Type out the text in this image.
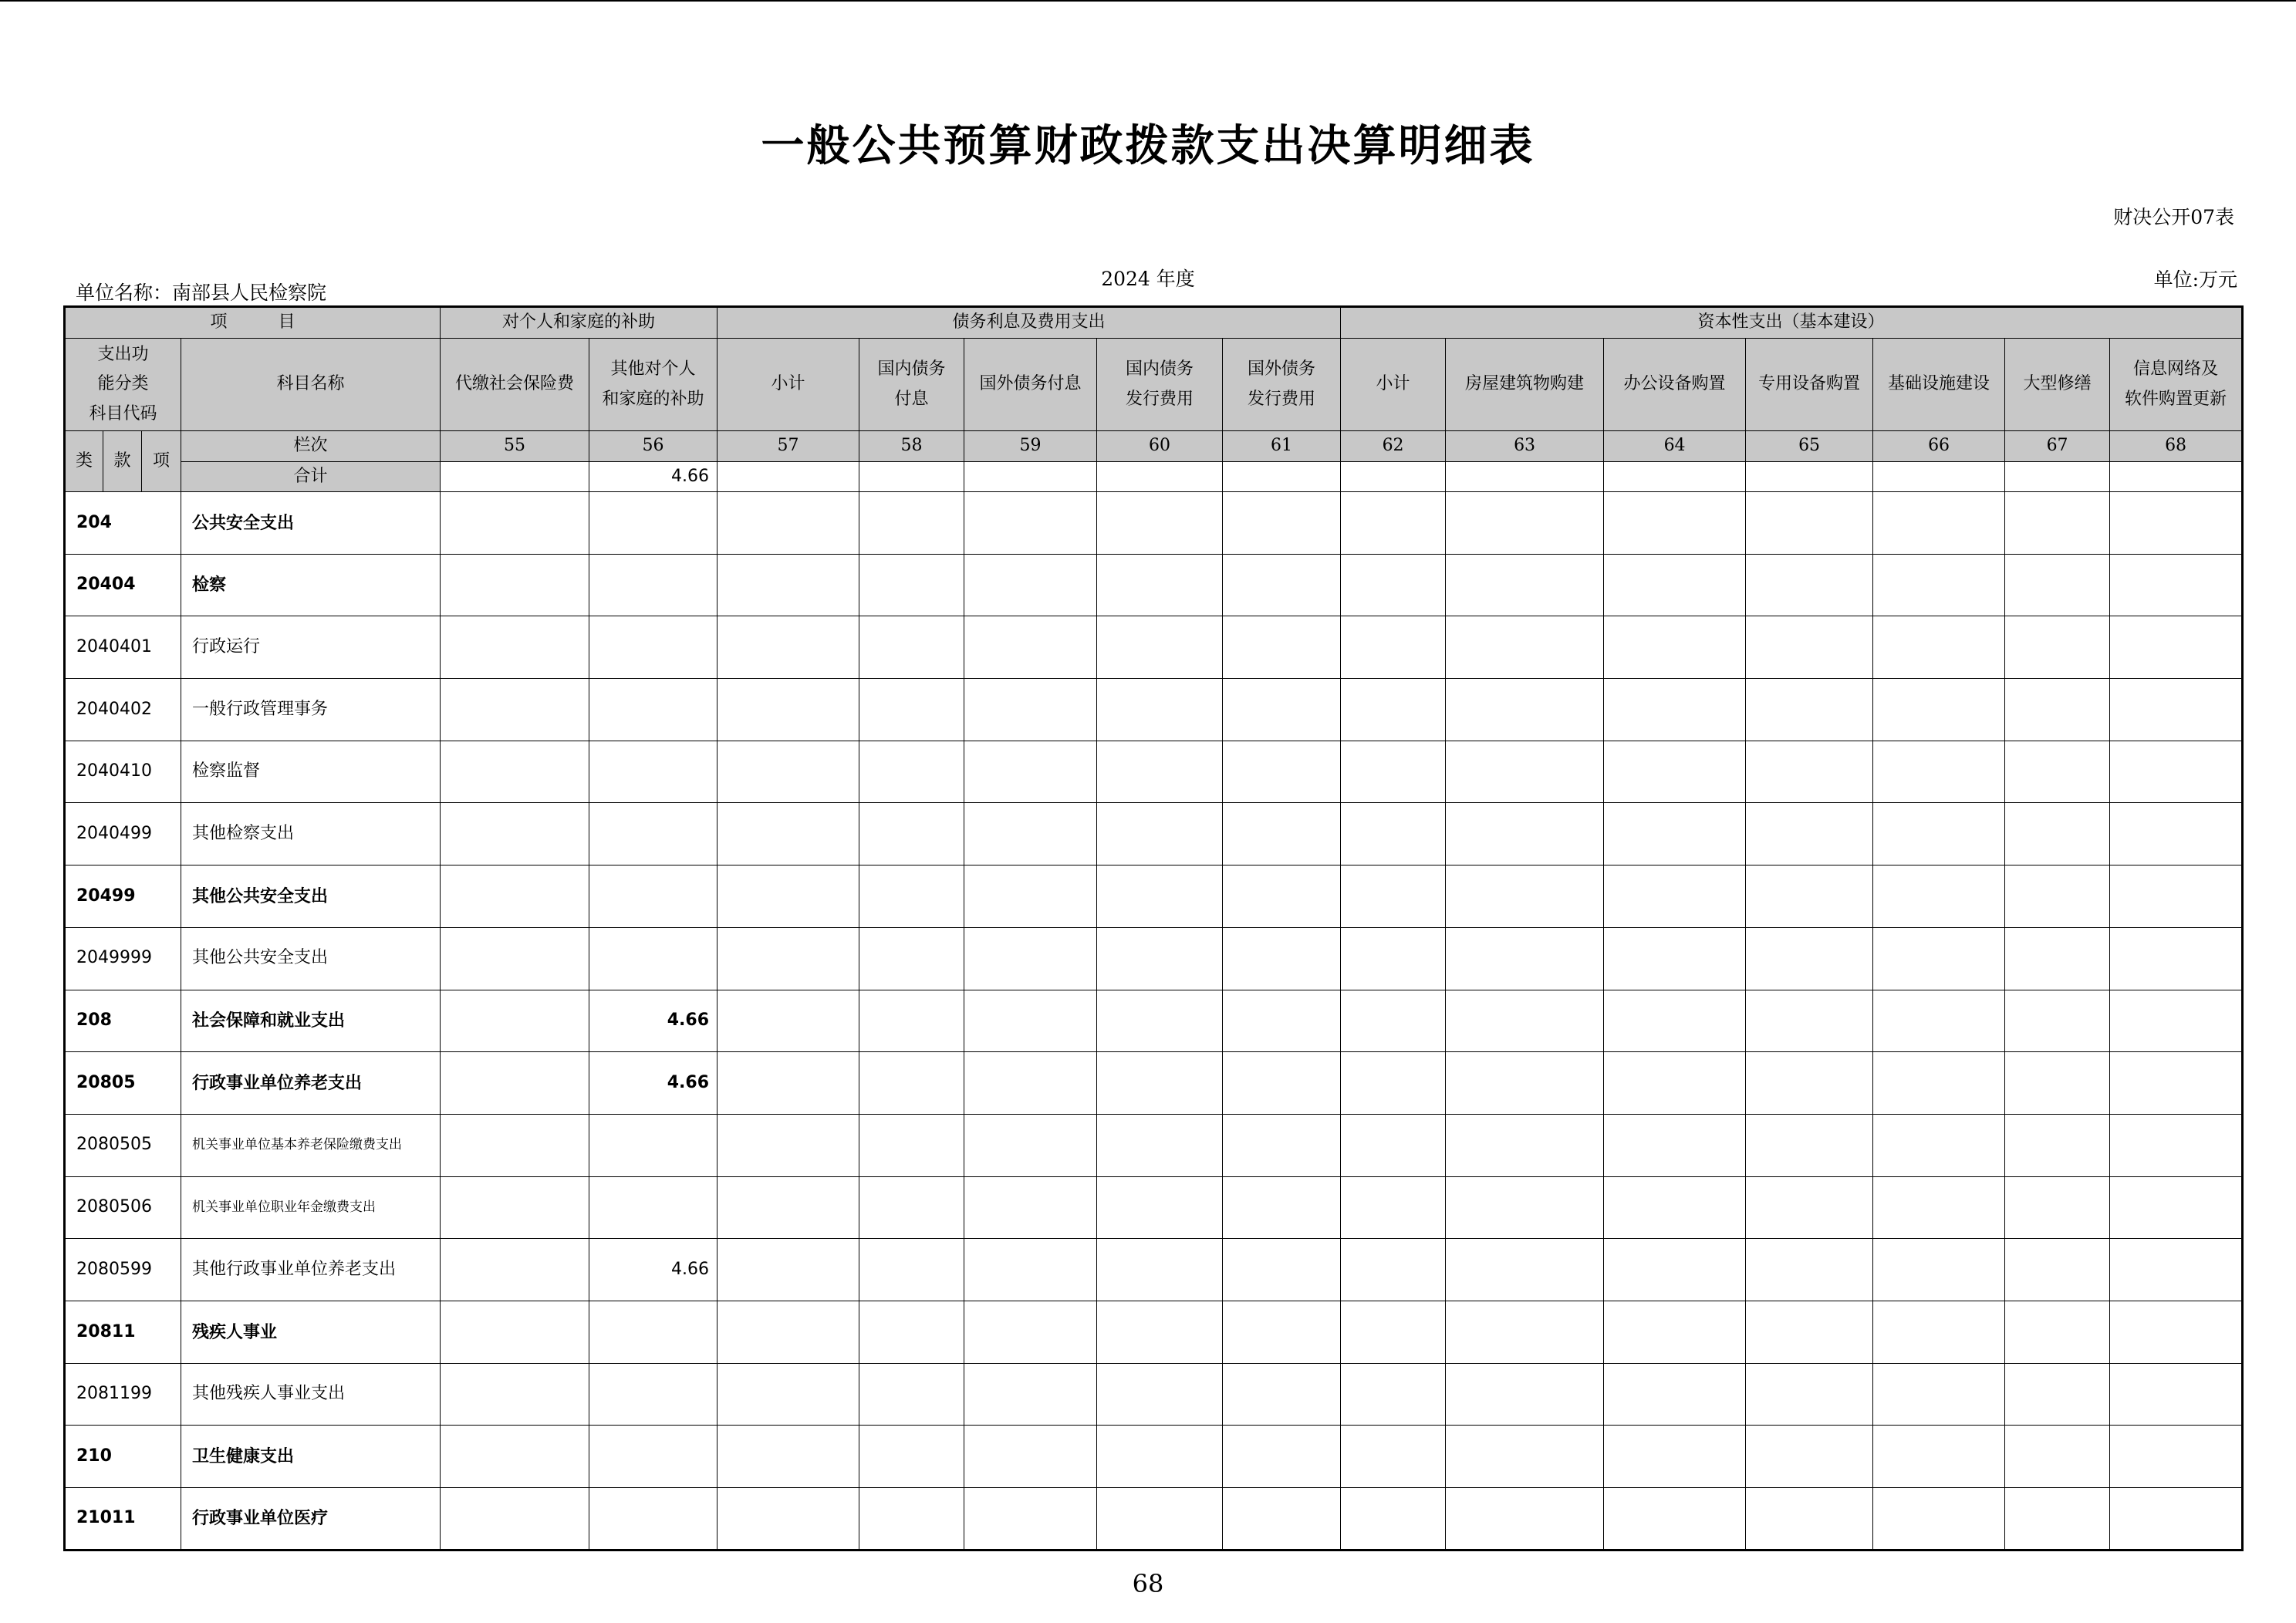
一般公共预算财政拨款支出决算明细表
财决公开07表
单位名称：南部县人民检察院
2024 年度	单位:万元
项　　　目				对个人和家庭的补助		债务利息及费用支出					资本性支出（基本建设）						
支出功
能分类
科目代码			科目名称	代缴社会保险费	其他对个人
和家庭的补助	小计	国内债务
付息	国外债务付息	国内债务
发行费用	国外债务
发行费用	小计	房屋建筑物购建	办公设备购置	专用设备购置	基础设施建设	大型修缮	信息网络及
软件购置更新
类	款	项	栏次	55	56	57	58	59	60	61	62	63	64	65	66	67	68
			合计		4.66												
204			公共安全支出														
20404			检察														
2040401			行政运行														
2040402			一般行政管理事务														
2040410			检察监督														
2040499			其他检察支出														
20499			其他公共安全支出														
2049999			其他公共安全支出														
208			社会保障和就业支出		4.66												
20805			行政事业单位养老支出		4.66												
2080505			机关事业单位基本养老保险缴费支出														
2080506			机关事业单位职业年金缴费支出														
2080599			其他行政事业单位养老支出		4.66												
20811			残疾人事业														
2081199			其他残疾人事业支出														
210			卫生健康支出														
21011			行政事业单位医疗														
68
